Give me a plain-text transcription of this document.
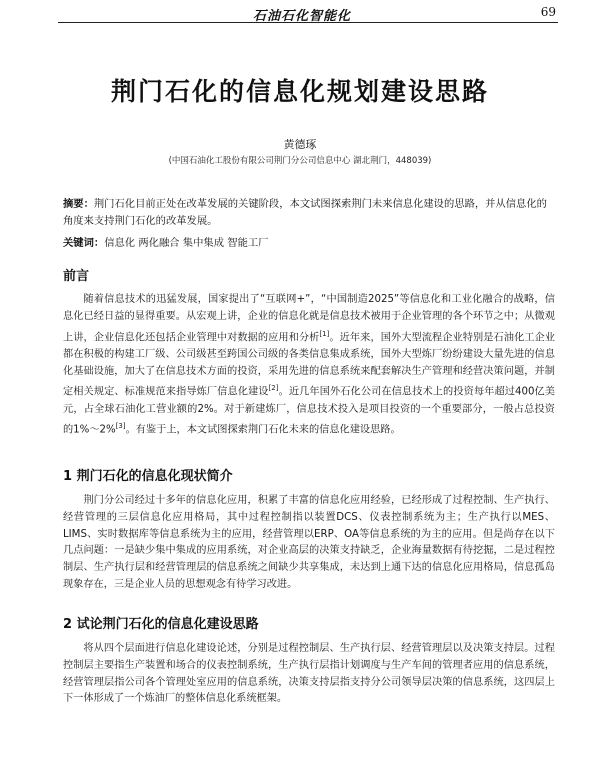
石油石化智能化	69
荆门石化的信息化规划建设思路
黄德琢
(中国石油化工股份有限公司荆门分公司信息中心 湖北荆门，448039)
摘要：荆门石化目前正处在改革发展的关键阶段，本文试图探索荆门未来信息化建设的思路，并从信息化的角度来支持荆门石化的改革发展。
关键词：信息化 两化融合 集中集成 智能工厂
前言
随着信息技术的迅猛发展，国家提出了“互联网+”，“中国制造2025”等信息化和工业化融合的战略，信息化已经日益的显得重要。从宏观上讲，企业的信息化就是信息技术被用于企业管理的各个环节之中；从微观上讲，企业信息化还包括企业管理中对数据的应用和分析[1]。近年来，国外大型流程企业特别是石油化工企业都在积极的构建工厂级、公司级甚至跨国公司级的各类信息集成系统，国外大型炼厂纷纷建设大量先进的信息化基础设施，加大了在信息技术方面的投资，采用先进的信息系统来配套解决生产管理和经营决策问题，并制定相关规定、标准规范来指导炼厂信息化建设[2]。近几年国外石化公司在信息技术上的投资每年超过400亿美元，占全球石油化工营业额的2%。对于新建炼厂，信息技术投入是项目投资的一个重要部分，一般占总投资的1%～2%[3]。有鉴于上，本文试图探索荆门石化未来的信息化建设思路。
1 荆门石化的信息化现状简介
荆门分公司经过十多年的信息化应用，积累了丰富的信息化应用经验，已经形成了过程控制、生产执行、经营管理的三层信息化应用格局，其中过程控制指以装置DCS、仪表控制系统为主；生产执行以MES、LIMS、实时数据库等信息系统为主的应用，经营管理以ERP、OA等信息系统的为主的应用。但是尚存在以下几点问题：一是缺少集中集成的应用系统，对企业高层的决策支持缺乏，企业海量数据有待挖掘，二是过程控制层、生产执行层和经营管理层的信息系统之间缺少共享集成，未达到上通下达的信息化应用格局，信息孤岛现象存在，三是企业人员的思想观念有待学习改进。
2 试论荆门石化的信息化建设思路
将从四个层面进行信息化建设论述，分别是过程控制层、生产执行层、经营管理层以及决策支持层。过程控制层主要指生产装置和场合的仪表控制系统，生产执行层指计划调度与生产车间的管理者应用的信息系统，经营管理层指公司各个管理处室应用的信息系统，决策支持层指支持分公司领导层决策的信息系统，这四层上下一体形成了一个炼油厂的整体信息化系统框架。
